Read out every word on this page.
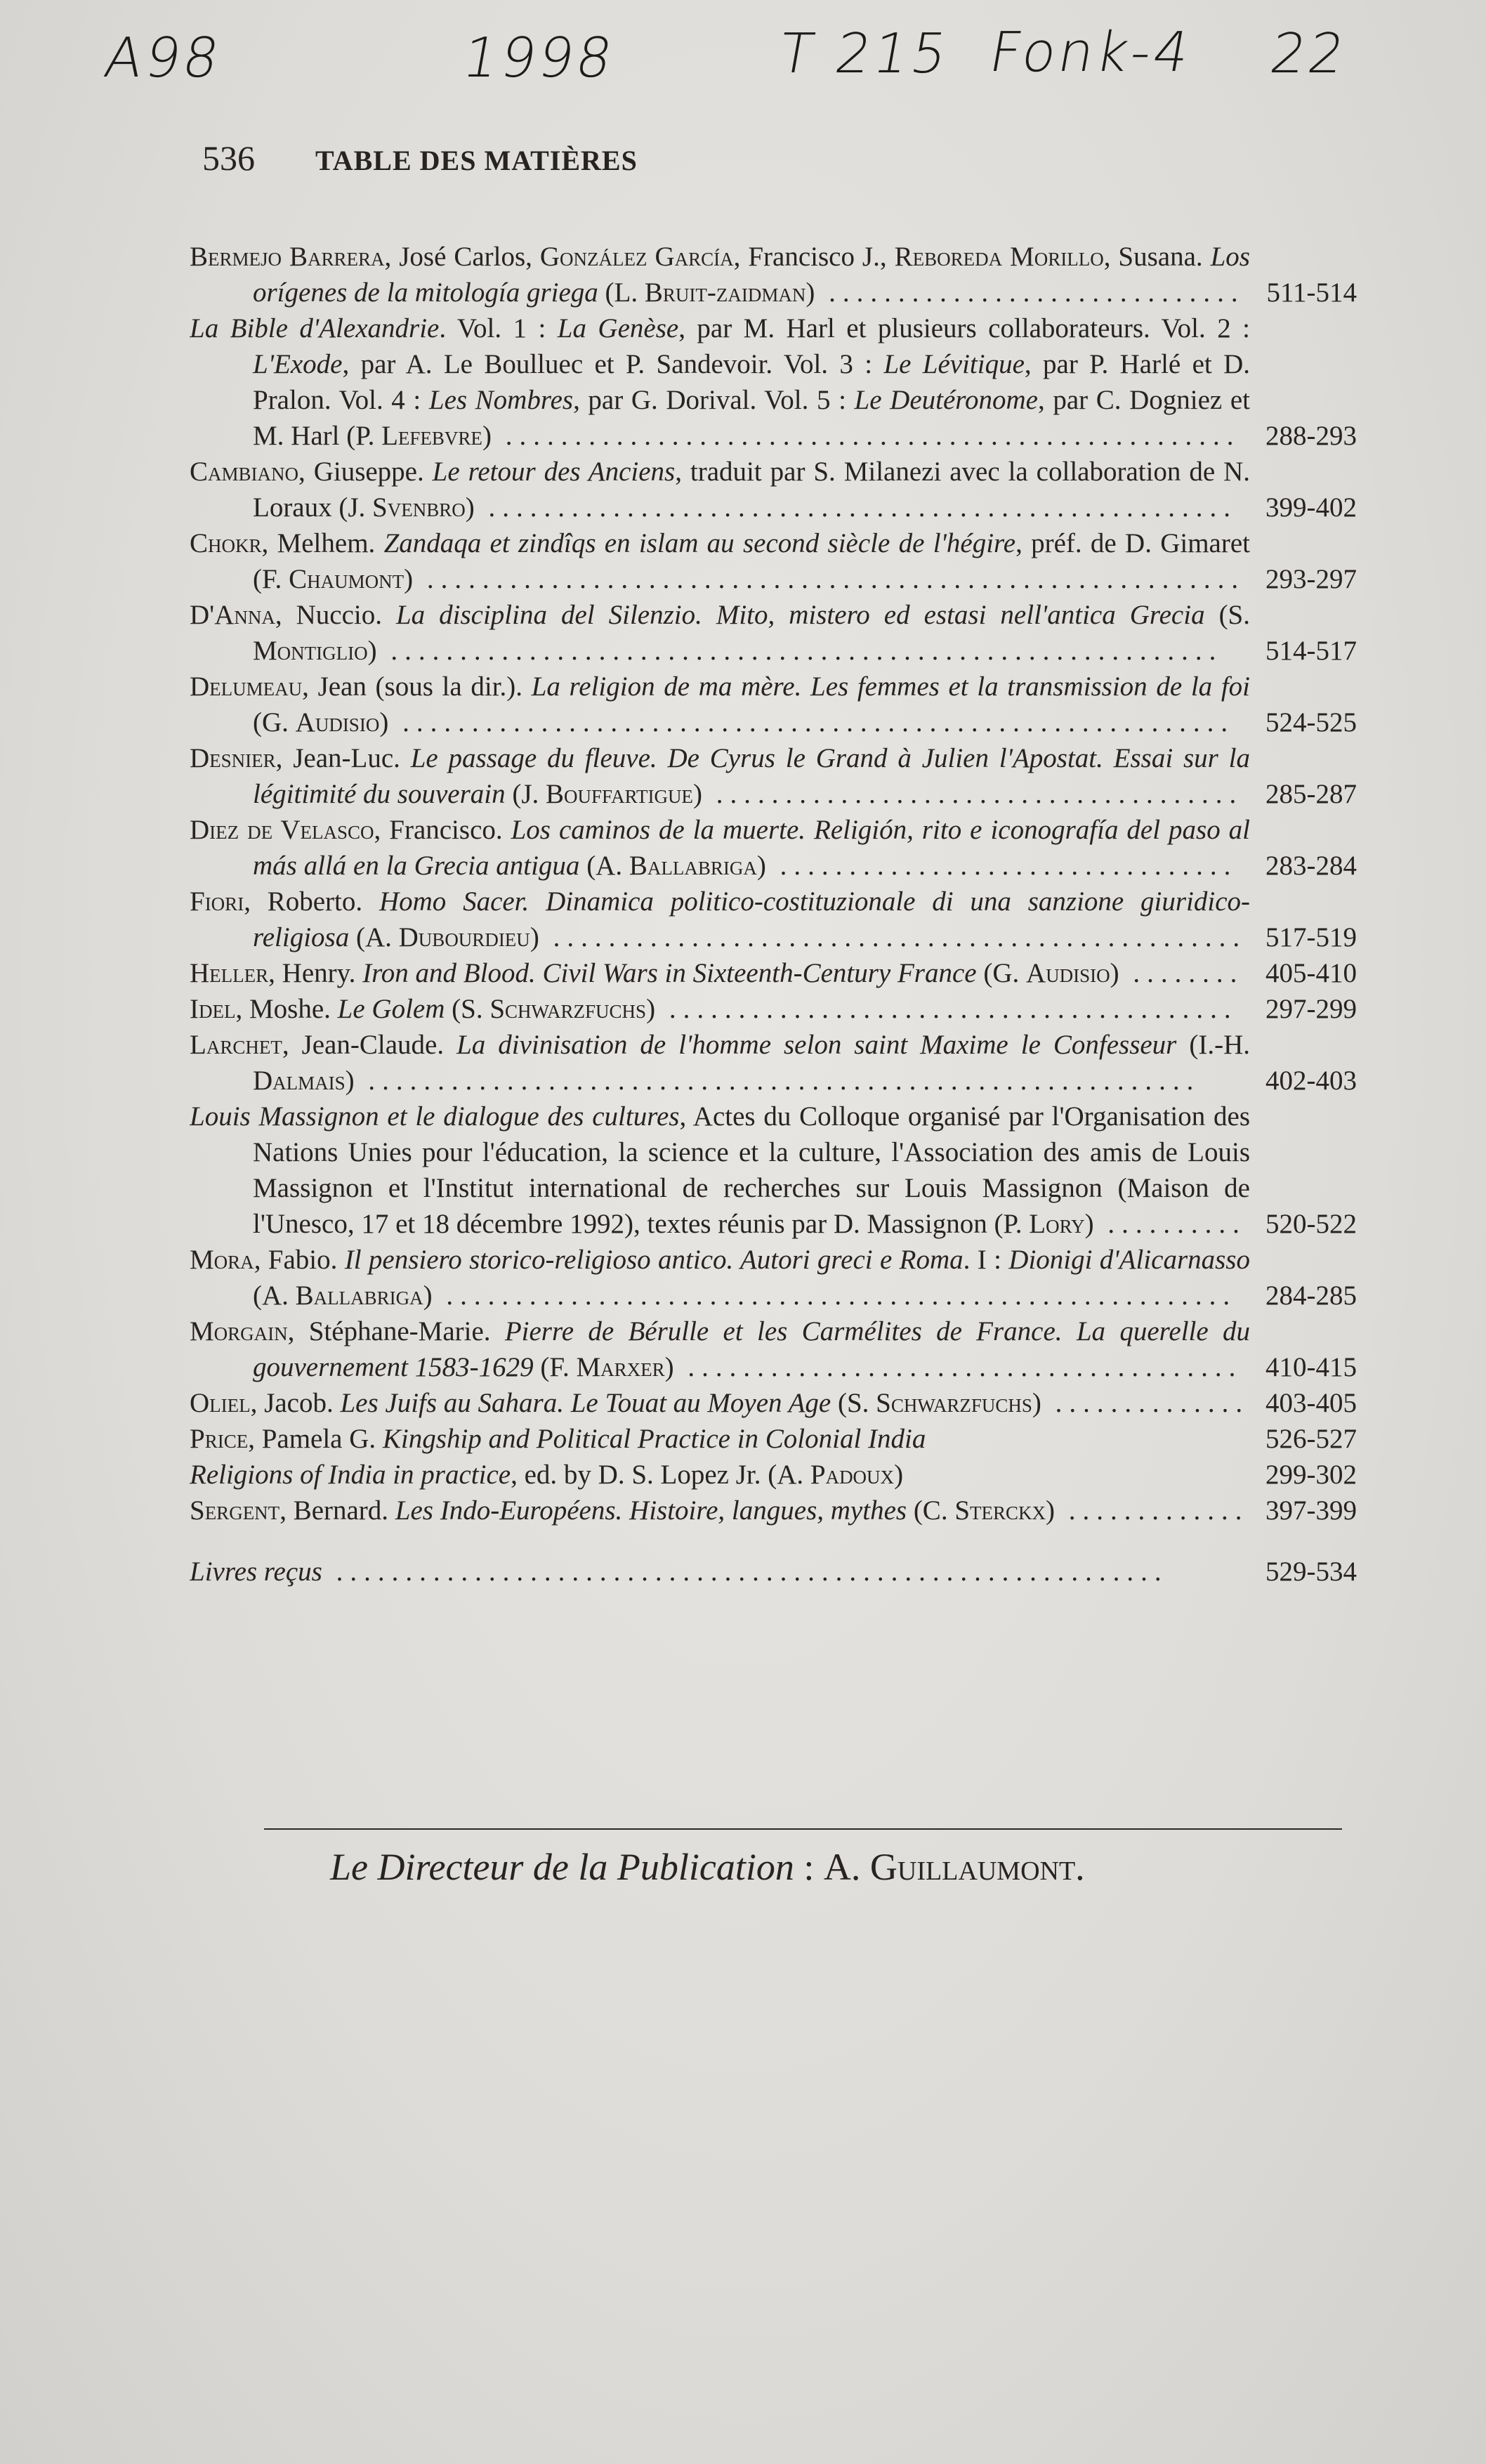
A98	1998	T 215 Fonk-4 22
536 TABLE DES MATIÈRES
Bermejo Barrera, José Carlos, González García, Francisco J., Reboreda Morillo, Susana. Los orígenes de la mitología griega (L. Bruit-zaidman) .............................. 511-514
La Bible d'Alexandrie. Vol. 1 : La Genèse, par M. Harl et plusieurs collaborateurs. Vol. 2 : L'Exode, par A. Le Boulluec et P. Sandevoir. Vol. 3 : Le Lévitique, par P. Harlé et D. Pralon. Vol. 4 : Les Nombres, par G. Dorival. Vol. 5 : Le Deutéronome, par C. Dogniez et M. Harl (P. Lefebvre) ..................................................... 288-293
Cambiano, Giuseppe. Le retour des Anciens, traduit par S. Milanezi avec la collaboration de N. Loraux (J. Svenbro) ......................................................	399-402
Chokr, Melhem. Zandaqa et zindîqs en islam au second siècle de l'hégire, préf. de D. Gimaret (F. Chaumont) ........................................................... 293-297
D'Anna, Nuccio. La disciplina del Silenzio. Mito, mistero ed estasi nell'antica Grecia (S. Montiglio) ............................................................	514-517
Delumeau, Jean (sous la dir.). La religion de ma mère. Les femmes et la transmission de la foi (G. Audisio) ............................................................	524-525
Desnier, Jean-Luc. Le passage du fleuve. De Cyrus le Grand à Julien l'Apostat. Essai sur la légitimité du souverain (J. Bouffartigue) ...................................... 285-287
Diez de Velasco, Francisco. Los caminos de la muerte. Religión, rito e iconografía del paso al más allá en la Grecia antigua (A. Ballabriga) .................................	283-284
Fiori, Roberto. Homo Sacer. Dinamica politico-costituzionale di una sanzione giuridico-religiosa (A. Dubourdieu) .................................................. 517-519
Heller, Henry. Iron and Blood. Civil Wars in Sixteenth-Century France (G. Audisio) ........ 405-410
Idel, Moshe. Le Golem (S. Schwarzfuchs) .........................................	297-299
Larchet, Jean-Claude. La divinisation de l'homme selon saint Maxime le Confesseur (I.-H. Dalmais) ............................................................	402-403
Louis Massignon et le dialogue des cultures, Actes du Colloque organisé par l'Organisation des Nations Unies pour l'éducation, la science et la culture, l'Association des amis de Louis Massignon et l'Institut international de recherches sur Louis Massignon (Maison de l'Unesco, 17 et 18 décembre 1992), textes réunis par D. Massignon (P. Lory) .......... 520-522
Mora, Fabio. Il pensiero storico-religioso antico. Autori greci e Roma. I : Dionigi d'Alicarnasso (A. Ballabriga) .........................................................	284-285
Morgain, Stéphane-Marie. Pierre de Bérulle et les Carmélites de France. La querelle du gouvernement 1583-1629 (F. Marxer) ........................................ 410-415
Oliel, Jacob. Les Juifs au Sahara. Le Touat au Moyen Age (S. Schwarzfuchs) .............. 403-405
Price, Pamela G. Kingship and Political Practice in Colonial India	526-527
Religions of India in practice, ed. by D. S. Lopez Jr. (A. Padoux)	299-302
Sergent, Bernard. Les Indo-Européens. Histoire, langues, mythes (C. Sterckx) ............. 397-399
Livres reçus ............................................................	529-534
Le Directeur de la Publication : A. Guillaumont.
